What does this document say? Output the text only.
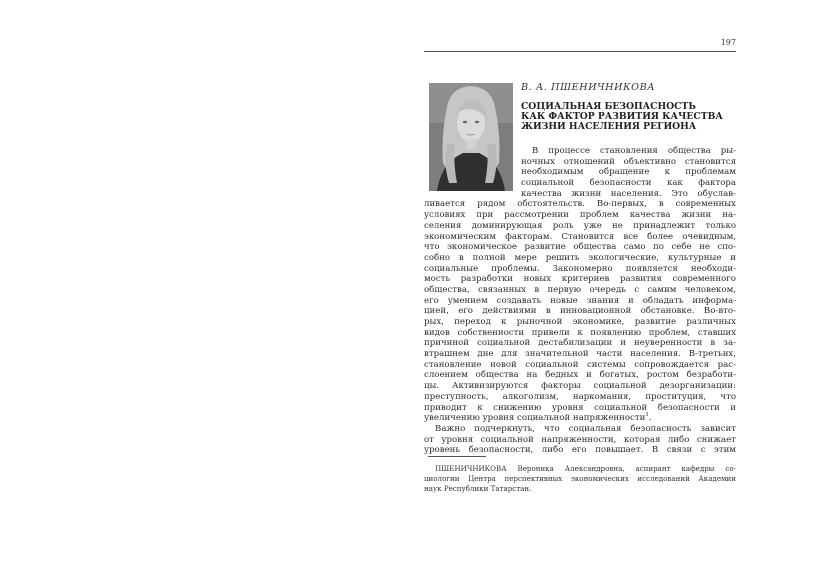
197
В. А. ПШЕНИЧНИКОВА
СОЦИАЛЬНАЯ БЕЗОПАСНОСТЬ
КАК ФАКТОР РАЗВИТИЯ КАЧЕСТВА
ЖИЗНИ НАСЕЛЕНИЯ РЕГИОНА
В процессе становления общества ры-
ночных отношений объективно становится
необходимым обращение к проблемам
социальной безопасности как фактора
качества жизни населения. Это обуслав-
ливается рядом обстоятельств. Во-первых, в современных
условиях при рассмотрении проблем качества жизни на-
селения доминирующая роль уже не принадлежит только
экономическим факторам. Становится все более очевидным,
что экономическое развитие общества само по себе не спо-
собно в полной мере решить экологические, культурные и
социальные проблемы. Закономерно появляется необходи-
мость разработки новых критериев развития современного
общества, связанных в первую очередь с самим человеком,
его умением создавать новые знания и обладать информа-
цией, его действиями в инновационной обстановке. Во-вто-
рых, переход к рыночной экономике, развитие различных
видов собственности привели к появлению проблем, ставших
причиной социальной дестабилизации и неуверенности в за-
втрашнем дне для значительной части населения. В-третьих,
становление новой социальной системы сопровождается рас-
слоением общества на бедных и богатых, ростом безработи-
цы. Активизируются факторы социальной дезорганизации:
преступность, алкоголизм, наркомания, проституция, что
приводит к снижению уровня социальной безопасности и
увеличению уровня социальной напряженности$^1$.
Важно подчеркнуть, что социальная безопасность зависит
от уровня социальной напряженности, которая либо снижает
уровень безопасности, либо его повышает. В связи с этим
ПШЕНИЧНИКОВА Вероника Александровна, аспирант кафедры со-
циологии Центра перспективных экономических исследований Академии
наук Республики Татарстан.
